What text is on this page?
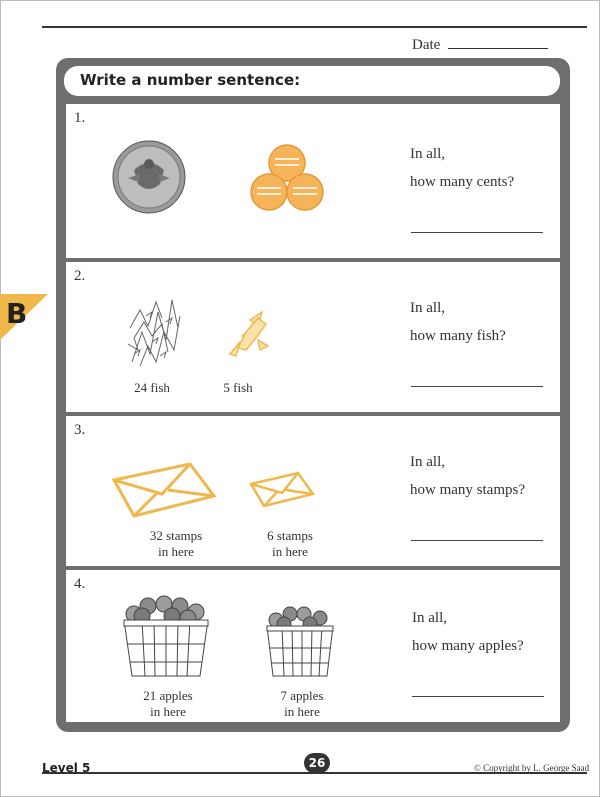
Date
B
Write a number sentence:
1.
In all,
how many cents?
2.
24 fish	5 fish
In all,
how many fish?
3.
32 stamps
in here
6 stamps
in here
In all,
how many stamps?
4.
21 apples
in here
7 apples
in here
In all,
how many apples?
Level 5	26	© Copyright by L. George Saad
